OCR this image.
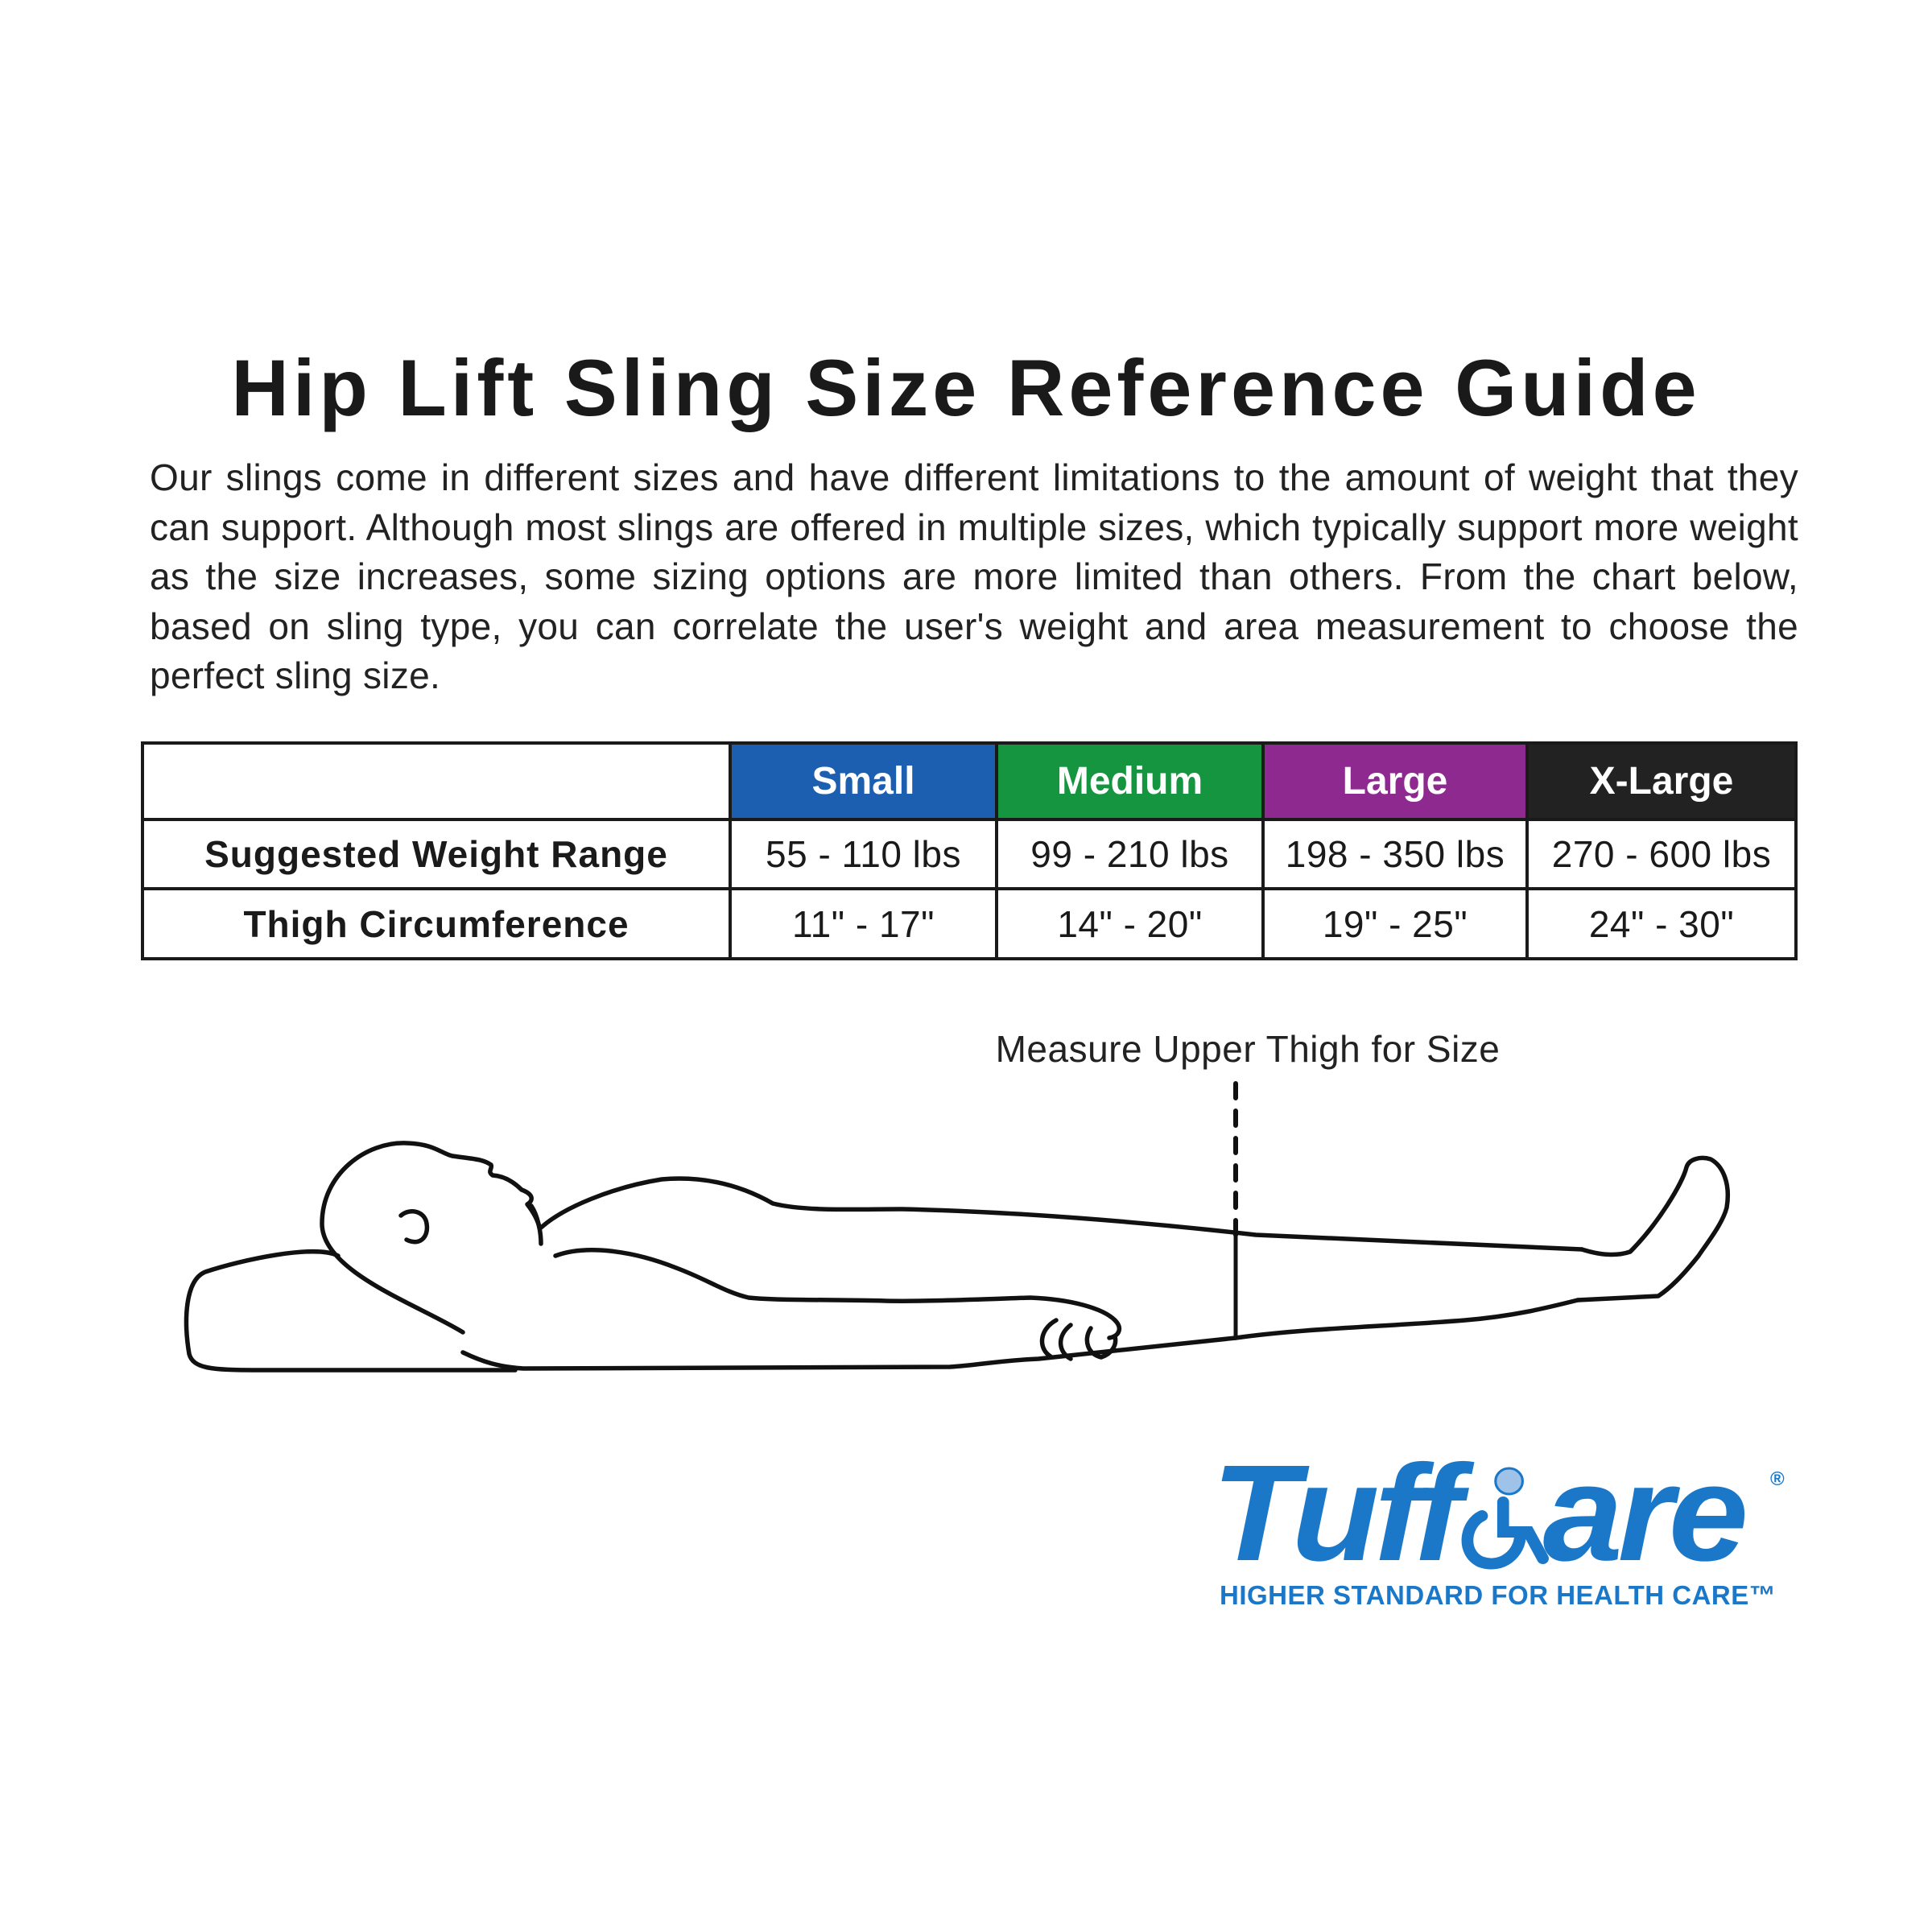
Hip Lift Sling Size Reference Guide

Our slings come in different sizes and have different limitations to the amount of weight that they can support. Although most slings are offered in multiple sizes, which typically support more weight as the size increases, some sizing options are more limited than others. From the chart below, based on sling type, you can correlate the user's weight and area measurement to choose the perfect sling size.

	Small	Medium	Large	X-Large
Suggested Weight Range	55 - 110 lbs	99 - 210 lbs	198 - 350 lbs	270 - 600 lbs
Thigh Circumference	11" - 17"	14" - 20"	19" - 25"	24" - 30"

Measure Upper Thigh for Size

Tuff are ®
HIGHER STANDARD FOR HEALTH CARE™
